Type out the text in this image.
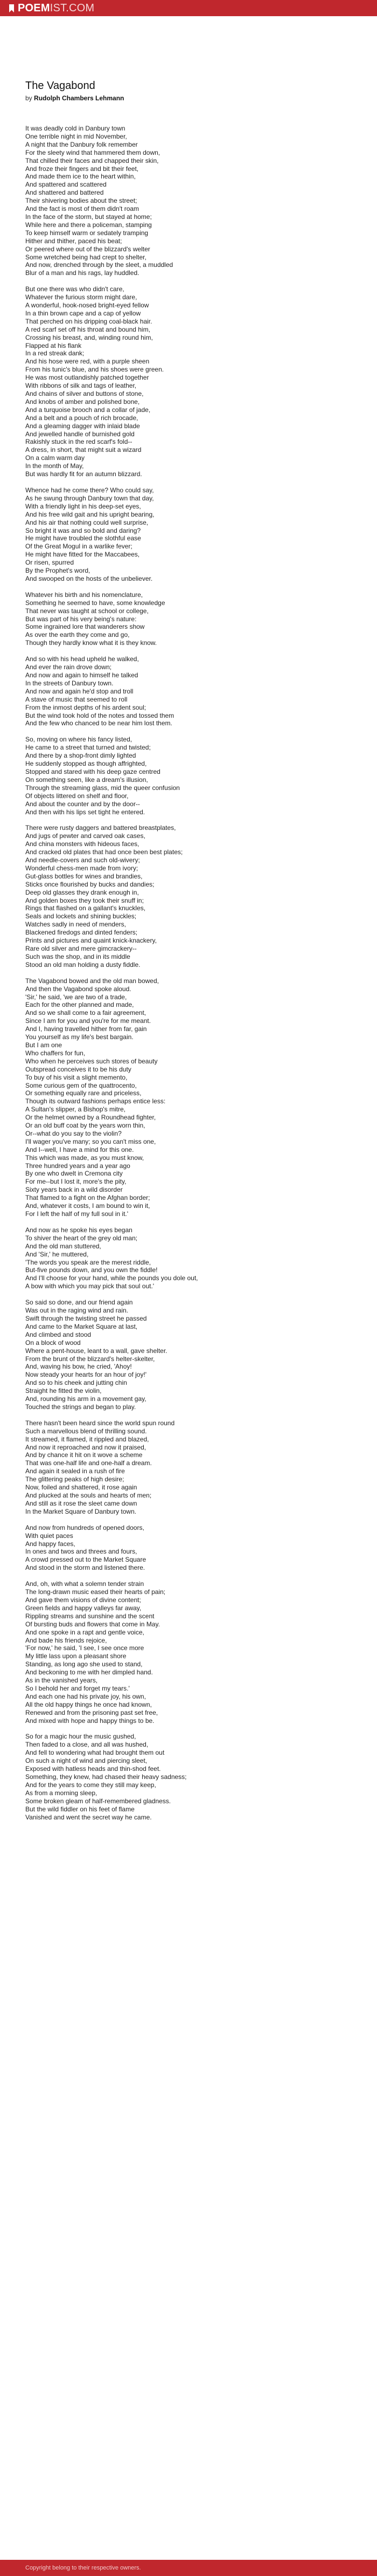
POEMIST.COM
The Vagabond
by Rudolph Chambers Lehmann
It was deadly cold in Danbury town
One terrible night in mid November,
A night that the Danbury folk remember
For the sleety wind that hammered them down,
That chilled their faces and chapped their skin,
And froze their fingers and bit their feet,
And made them ice to the heart within,
And spattered and scattered
And shattered and battered
Their shivering bodies about the street;
And the fact is most of them didn't roam
In the face of the storm, but stayed at home;
While here and there a policeman, stamping
To keep himself warm or sedately tramping
Hither and thither, paced his beat;
Or peered where out of the blizzard's welter
Some wretched being had crept to shelter,
And now, drenched through by the sleet, a muddled
Blur of a man and his rags, lay huddled.
But one there was who didn't care,
Whatever the furious storm might dare,
A wonderful, hook-nosed bright-eyed fellow
In a thin brown cape and a cap of yellow
That perched on his dripping coal-black hair.
A red scarf set off his throat and bound him,
Crossing his breast, and, winding round him,
Flapped at his flank
In a red streak dank;
And his hose were red, with a purple sheen
From his tunic's blue, and his shoes were green.
He was most outlandishly patched together
With ribbons of silk and tags of leather,
And chains of silver and buttons of stone,
And knobs of amber and polished bone,
And a turquoise brooch and a collar of jade,
And a belt and a pouch of rich brocade,
And a gleaming dagger with inlaid blade
And jewelled handle of burnished gold
Rakishly stuck in the red scarf's fold--
A dress, in short, that might suit a wizard
On a calm warm day
In the month of May,
But was hardly fit for an autumn blizzard.
Whence had he come there? Who could say,
As he swung through Danbury town that day,
With a friendly light in his deep-set eyes,
And his free wild gait and his upright bearing,
And his air that nothing could well surprise,
So bright it was and so bold and daring?
He might have troubled the slothful ease
Of the Great Mogul in a warlike fever;
He might have fitted for the Maccabees,
Or risen, spurred
By the Prophet's word,
And swooped on the hosts of the unbeliever.
Whatever his birth and his nomenclature,
Something he seemed to have, some knowledge
That never was taught at school or college,
But was part of his very being's nature:
Some ingrained lore that wanderers show
As over the earth they come and go,
Though they hardly know what it is they know.
And so with his head upheld he walked,
And ever the rain drove down;
And now and again to himself he talked
In the streets of Danbury town.
And now and again he'd stop and troll
A stave of music that seemed to roll
From the inmost depths of his ardent soul;
But the wind took hold of the notes and tossed them
And the few who chanced to be near him lost them.
So, moving on where his fancy listed,
He came to a street that turned and twisted;
And there by a shop-front dimly lighted
He suddenly stopped as though affrighted,
Stopped and stared with his deep gaze centred
On something seen, like a dream's illusion,
Through the streaming glass, mid the queer confusion
Of objects littered on shelf and floor,
And about the counter and by the door--
And then with his lips set tight he entered.
There were rusty daggers and battered breastplates,
And jugs of pewter and carved oak cases,
And china monsters with hideous faces,
And cracked old plates that had once been best plates;
And needle-covers and such old-wivery;
Wonderful chess-men made from ivory;
Gut-glass bottles for wines and brandies,
Sticks once flourished by bucks and dandies;
Deep old glasses they drank enough in,
And golden boxes they took their snuff in;
Rings that flashed on a gallant's knuckles,
Seals and lockets and shining buckles;
Watches sadly in need of menders,
Blackened firedogs and dinted fenders;
Prints and pictures and quaint knick-knackery,
Rare old silver and mere gimcrackery--
Such was the shop, and in its middle
Stood an old man holding a dusty fiddle.
The Vagabond bowed and the old man bowed,
And then the Vagabond spoke aloud.
'Sir,' he said, 'we are two of a trade,
Each for the other planned and made,
And so we shall come to a fair agreement,
Since I am for you and you're for me meant.
And I, having travelled hither from far, gain
You yourself as my life's best bargain.
But I am one
Who chaffers for fun,
Who when he perceives such stores of beauty
Outspread conceives it to be his duty
To buy of his visit a slight memento,
Some curious gem of the quattrocento,
Or something equally rare and priceless,
Though its outward fashions perhaps entice less:
A Sultan's slipper, a Bishop's mitre,
Or the helmet owned by a Roundhead fighter,
Or an old buff coat by the years worn thin,
Or--what do you say to the violin?
I'll wager you've many; so you can't miss one,
And I--well, I have a mind for this one.
This which was made, as you must know,
Three hundred years and a year ago
By one who dwelt in Cremona city
For me--but I lost it, more's the pity,
Sixty years back in a wild disorder
That flamed to a fight on the Afghan border;
And, whatever it costs, I am bound to win it,
For I left the half of my full soul in it.'
And now as he spoke his eyes began
To shiver the heart of the grey old man;
And the old man stuttered,
And 'Sir,' he muttered,
'The words you speak are the merest riddle,
But-five pounds down, and you own the fiddle!
And I'll choose for your hand, while the pounds you dole out,
A bow with which you may pick that soul out.'
So said so done, and our friend again
Was out in the raging wind and rain.
Swift through the twisting street he passed
And came to the Market Square at last,
And climbed and stood
On a block of wood
Where a pent-house, leant to a wall, gave shelter.
From the brunt of the blizzard's helter-skelter,
And, waving his bow, he cried, 'Ahoy!
Now steady your hearts for an hour of joy!'
And so to his cheek and jutting chin
Straight he fitted the violin,
And, rounding his arm in a movement gay,
Touched the strings and began to play.
There hasn't been heard since the world spun round
Such a marvellous blend of thrilling sound.
It streamed, it flamed, it rippled and blazed,
And now it reproached and now it praised,
And by chance it hit on it wove a scheme
That was one-half life and one-half a dream.
And again it sealed in a rush of fire
The glittering peaks of high desire;
Now, foiled and shattered, it rose again
And plucked at the souls and hearts of men;
And still as it rose the sleet came down
In the Market Square of Danbury town.
And now from hundreds of opened doors,
With quiet paces
And happy faces,
In ones and twos and threes and fours,
A crowd pressed out to the Market Square
And stood in the storm and listened there.
And, oh, with what a solemn tender strain
The long-drawn music eased their hearts of pain;
And gave them visions of divine content;
Green fields and happy valleys far away,
Rippling streams and sunshine and the scent
Of bursting buds and flowers that come in May.
And one spoke in a rapt and gentle voice,
And bade his friends rejoice,
'For now,' he said, 'I see, I see once more
My little lass upon a pleasant shore
Standing, as long ago she used to stand,
And beckoning to me with her dimpled hand.
As in the vanished years,
So I behold her and forget my tears.'
And each one had his private joy, his own,
All the old happy things he once had known,
Renewed and from the prisoning past set free,
And mixed with hope and happy things to be.
So for a magic hour the music gushed,
Then faded to a close, and all was hushed,
And fell to wondering what had brought them out
On such a night of wind and piercing sleet,
Exposed with hatless heads and thin-shod feet.
Something, they knew, had chased their heavy sadness;
And for the years to come they still may keep,
As from a morning sleep,
Some broken gleam of half-remembered gladness.
But the wild fiddler on his feet of flame
Vanished and went the secret way he came.
Copyright belong to their respective owners.
